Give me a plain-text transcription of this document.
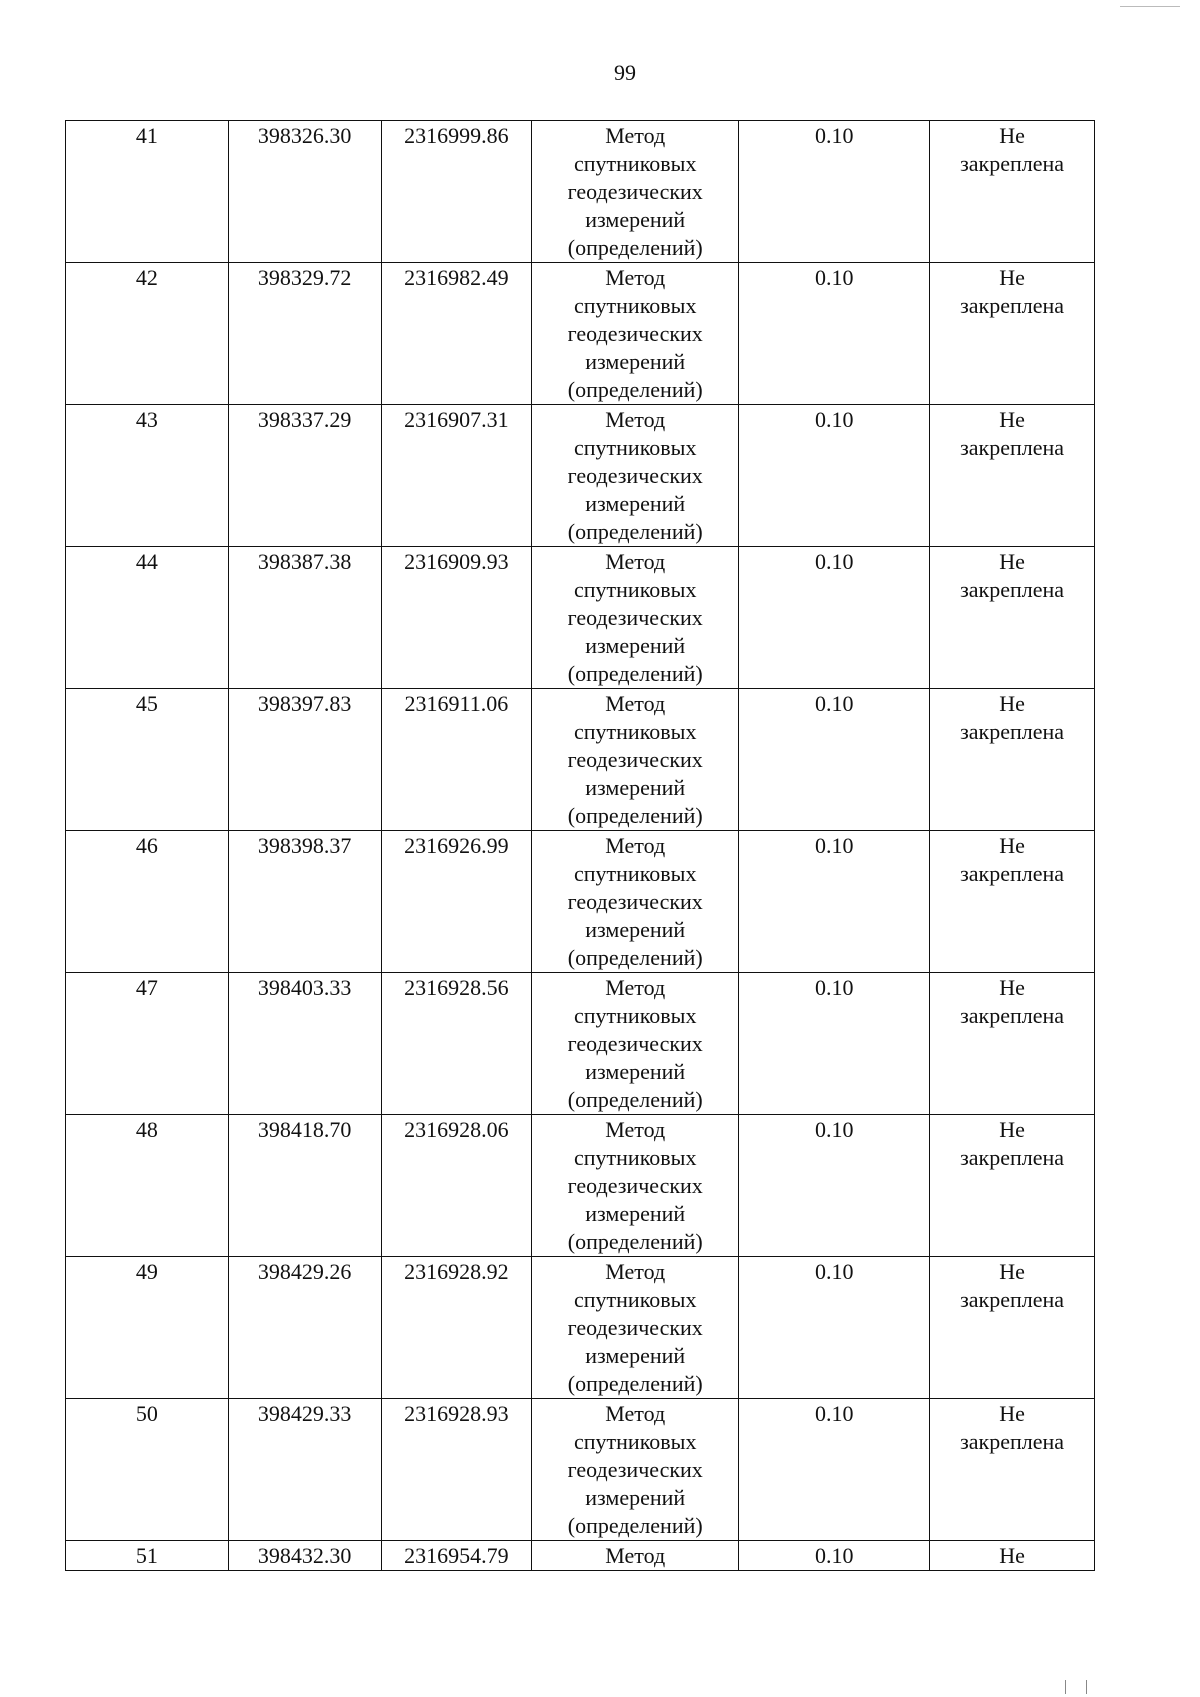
99
41	398326.30	2316999.86	Метод
спутниковых
геодезических
измерений
(определений)	0.10	Не
закреплена

42	398329.72	2316982.49	Метод
спутниковых
геодезических
измерений
(определений)	0.10	Не
закреплена

43	398337.29	2316907.31	Метод
спутниковых
геодезических
измерений
(определений)	0.10	Не
закреплена

44	398387.38	2316909.93	Метод
спутниковых
геодезических
измерений
(определений)	0.10	Не
закреплена

45	398397.83	2316911.06	Метод
спутниковых
геодезических
измерений
(определений)	0.10	Не
закреплена

46	398398.37	2316926.99	Метод
спутниковых
геодезических
измерений
(определений)	0.10	Не
закреплена

47	398403.33	2316928.56	Метод
спутниковых
геодезических
измерений
(определений)	0.10	Не
закреплена

48	398418.70	2316928.06	Метод
спутниковых
геодезических
измерений
(определений)	0.10	Не
закреплена

49	398429.26	2316928.92	Метод
спутниковых
геодезических
измерений
(определений)	0.10	Не
закреплена

50	398429.33	2316928.93	Метод
спутниковых
геодезических
измерений
(определений)	0.10	Не
закреплена

51	398432.30	2316954.79	Метод	0.10	Не
